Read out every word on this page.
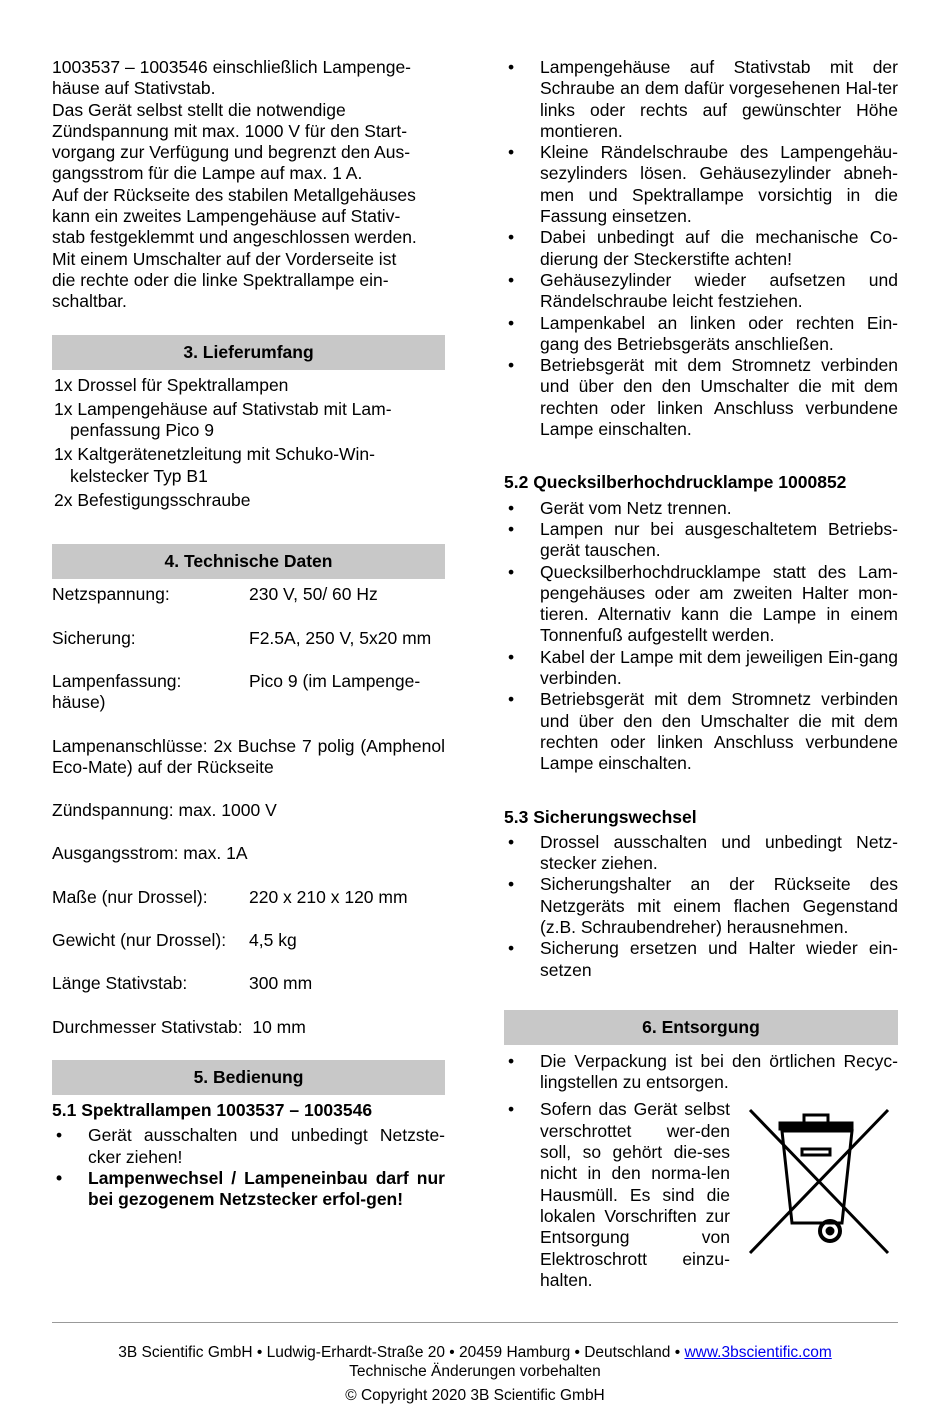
1003537 – 1003546 einschließlich Lampenge-

häuse auf Stativstab.

Das Gerät selbst stellt die notwendige

Zündspannung mit max. 1000 V für den Start-

vorgang zur Verfügung und begrenzt den Aus-

gangsstrom für die Lampe auf max. 1 A.

Auf der Rückseite des stabilen Metallgehäuses

kann ein zweites Lampengehäuse auf Stativ-

stab festgeklemmt und angeschlossen werden.

Mit einem Umschalter auf der Vorderseite ist

die rechte oder die linke Spektrallampe ein-

schaltbar.

3. Lieferumfang
1x Drossel für Spektrallampen
1x Lampengehäuse auf Stativstab mit Lam-penfassung Pico 9
1x Kaltgerätenetzleitung mit Schuko-Win-kelstecker Typ B1
2x Befestigungsschraube
4. Technische Daten
Netzspannung:	230 V, 50/ 60 Hz
Sicherung:	F2.5A, 250 V, 5x20 mm
Lampenfassung:	Pico 9 (im Lampenge-
häuse)
Lampenanschlüsse: 2x Buchse 7 polig (Amphenol Eco-Mate) auf der Rückseite
Zündspannung: max. 1000 V
Ausgangsstrom: max. 1A
Maße (nur Drossel):	220 x 210 x 120 mm
Gewicht (nur Drossel):	4,5 kg
Länge Stativstab:	300 mm
Durchmesser Stativstab:  10 mm
5. Bedienung
5.1 Spektrallampen 1003537 – 1003546
• Gerät ausschalten und unbedingt Netzste-cker ziehen!
• Lampenwechsel / Lampeneinbau darf nur bei gezogenem Netzstecker erfol-gen!
• Lampengehäuse auf Stativstab mit der Schraube an dem dafür vorgesehenen Hal-ter links oder rechts auf gewünschter Höhe montieren.
• Kleine Rändelschraube des Lampengehäu-sezylinders lösen. Gehäusezylinder abneh-men und Spektrallampe vorsichtig in die Fassung einsetzen.
• Dabei unbedingt auf die mechanische Co-dierung der Steckerstifte achten!
• Gehäusezylinder wieder aufsetzen und Rändelschraube leicht festziehen.
• Lampenkabel an linken oder rechten Ein-gang des Betriebsgeräts anschließen.
• Betriebsgerät mit dem Stromnetz verbinden und über den den Umschalter die mit dem rechten oder linken Anschluss verbundene Lampe einschalten.
5.2 Quecksilberhochdrucklampe 1000852
• Gerät vom Netz trennen.
• Lampen nur bei ausgeschaltetem Betriebs-gerät tauschen.
• Quecksilberhochdrucklampe statt des Lam-pengehäuses oder am zweiten Halter mon-tieren. Alternativ kann die Lampe in einem Tonnenfuß aufgestellt werden.
• Kabel der Lampe mit dem jeweiligen Ein-gang verbinden.
• Betriebsgerät mit dem Stromnetz verbinden und über den den Umschalter die mit dem rechten oder linken Anschluss verbundene Lampe einschalten.
5.3 Sicherungswechsel
• Drossel ausschalten und unbedingt Netz-stecker ziehen.
• Sicherungshalter an der Rückseite des Netzgeräts mit einem flachen Gegenstand (z.B. Schraubendreher) herausnehmen.
• Sicherung ersetzen und Halter wieder ein-setzen
6. Entsorgung
• Die Verpackung ist bei den örtlichen Recyc-lingstellen zu entsorgen.
• Sofern das Gerät selbst verschrottet wer-den soll, so gehört die-ses nicht in den norma-len Hausmüll. Es sind die lokalen Vorschriften zur Entsorgung von Elektroschrott einzu-halten.
3B Scientific GmbH • Ludwig-Erhardt-Straße 20 • 20459 Hamburg • Deutschland • www.3bscientific.com
Technische Änderungen vorbehalten
© Copyright 2020 3B Scientific GmbH
